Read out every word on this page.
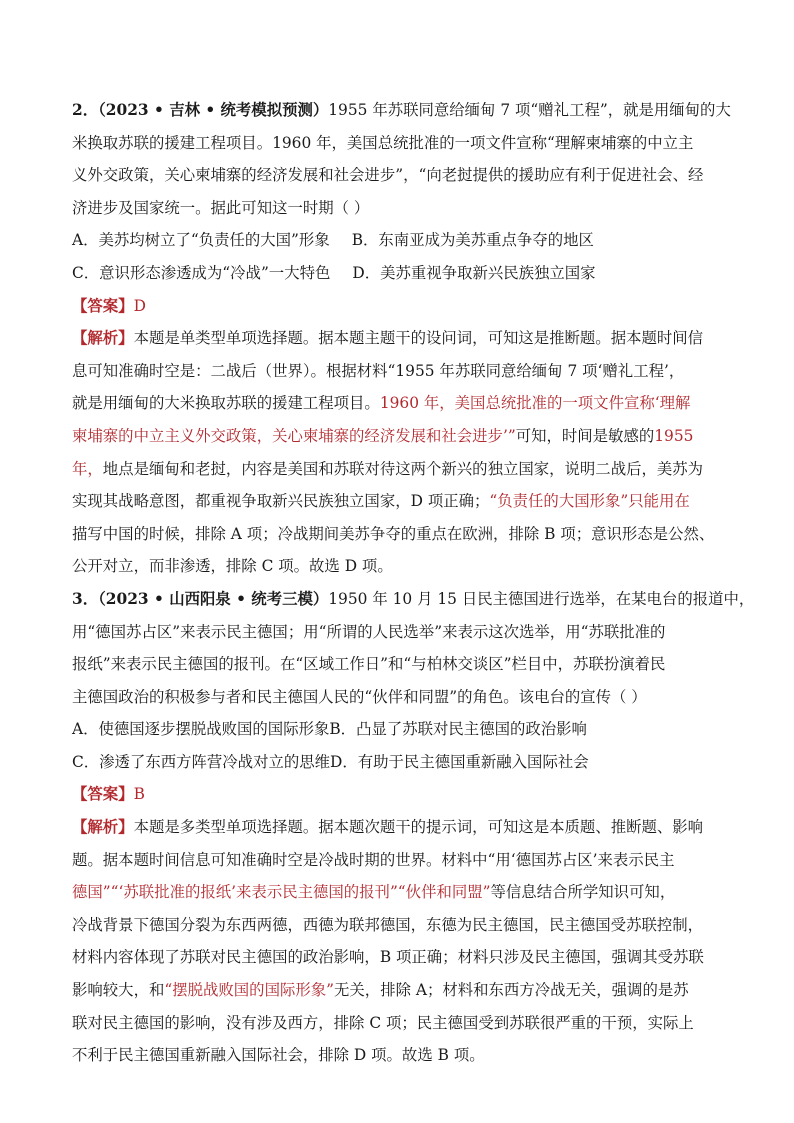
2．（2023 • 吉林 • 统考模拟预测）1955 年苏联同意给缅甸 7 项“赠礼工程”，就是用缅甸的大
米换取苏联的援建工程项目。1960 年，美国总统批准的一项文件宣称“理解柬埔寨的中立主
义外交政策，关心柬埔寨的经济发展和社会进步”，“向老挝提供的援助应有利于促进社会、经
济进步及国家统一。据此可知这一时期（ ）
A．美苏均树立了“负责任的大国”形象 B．东南亚成为美苏重点争夺的地区
C．意识形态渗透成为“冷战”一大特色 D．美苏重视争取新兴民族独立国家
【答案】D
【解析】本题是单类型单项选择题。据本题主题干的设问词，可知这是推断题。据本题时间信
息可知准确时空是：二战后（世界）。根据材料“1955 年苏联同意给缅甸 7 项‘赠礼工程’，
就是用缅甸的大米换取苏联的援建工程项目。1960 年，美国总统批准的一项文件宣称‘理解
柬埔寨的中立主义外交政策，关心柬埔寨的经济发展和社会进步’”可知，时间是敏感的1955
年，地点是缅甸和老挝，内容是美国和苏联对待这两个新兴的独立国家，说明二战后，美苏为
实现其战略意图，都重视争取新兴民族独立国家，D 项正确；“负责任的大国形象”只能用在
描写中国的时候，排除 A 项；冷战期间美苏争夺的重点在欧洲，排除 B 项；意识形态是公然、
公开对立，而非渗透，排除 C 项。故选 D 项。
3．（2023 • 山西阳泉 • 统考三模）1950 年 10 月 15 日民主德国进行选举，在某电台的报道中，
用“德国苏占区”来表示民主德国；用“所谓的人民选举”来表示这次选举，用“苏联批准的
报纸”来表示民主德国的报刊。在“区域工作日”和“与柏林交谈区”栏目中，苏联扮演着民
主德国政治的积极参与者和民主德国人民的“伙伴和同盟”的角色。该电台的宣传（ ）
A．使德国逐步摆脱战败国的国际形象B．凸显了苏联对民主德国的政治影响
C．渗透了东西方阵营冷战对立的思维D．有助于民主德国重新融入国际社会
【答案】B
【解析】本题是多类型单项选择题。据本题次题干的提示词，可知这是本质题、推断题、影响
题。据本题时间信息可知准确时空是冷战时期的世界。材料中“用‘德国苏占区’来表示民主
德国”“‘苏联批准的报纸’来表示民主德国的报刊”“伙伴和同盟”等信息结合所学知识可知，
冷战背景下德国分裂为东西两德，西德为联邦德国，东德为民主德国，民主德国受苏联控制，
材料内容体现了苏联对民主德国的政治影响，B 项正确；材料只涉及民主德国，强调其受苏联
影响较大，和“摆脱战败国的国际形象”无关，排除 A；材料和东西方冷战无关，强调的是苏
联对民主德国的影响，没有涉及西方，排除 C 项；民主德国受到苏联很严重的干预，实际上
不利于民主德国重新融入国际社会，排除 D 项。故选 B 项。
